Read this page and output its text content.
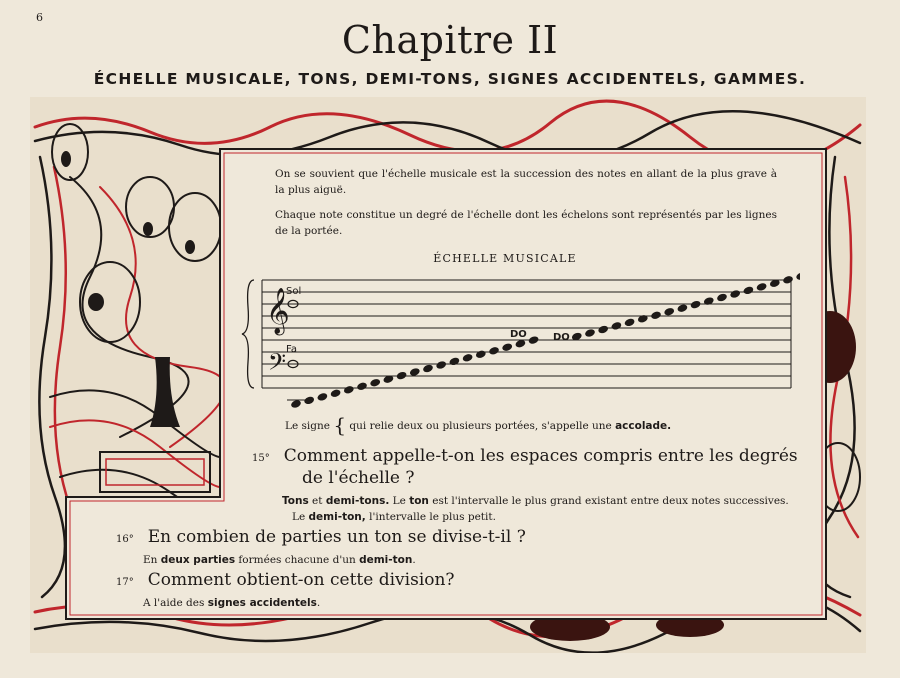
6
Chapitre II
ÉCHELLE MUSICALE, TONS, DEMI-TONS, SIGNES ACCIDENTELS, GAMMES.
On se souvient que l'échelle musicale est la succession des notes en allant de la plus grave à la plus aiguë.
Chaque note constitue un degré de l'échelle dont les échelons sont représentés par les lignes de la portée.
ÉCHELLE MUSICALE
𝄞
𝄢
Sol
Fa
DO	DO
Le signe { qui relie deux ou plusieurs portées, s'appelle une accolade.
15° Comment appelle-t-on les espaces compris entre les degrés
de l'échelle ?
Tons et demi-tons. Le ton est l'intervalle le plus grand existant entre deux notes successives.
Le demi-ton, l'intervalle le plus petit.
16° En combien de parties un ton se divise-t-il ?
En deux parties formées chacune d'un demi-ton.
17° Comment obtient-on cette division?
A l'aide des signes accidentels.
